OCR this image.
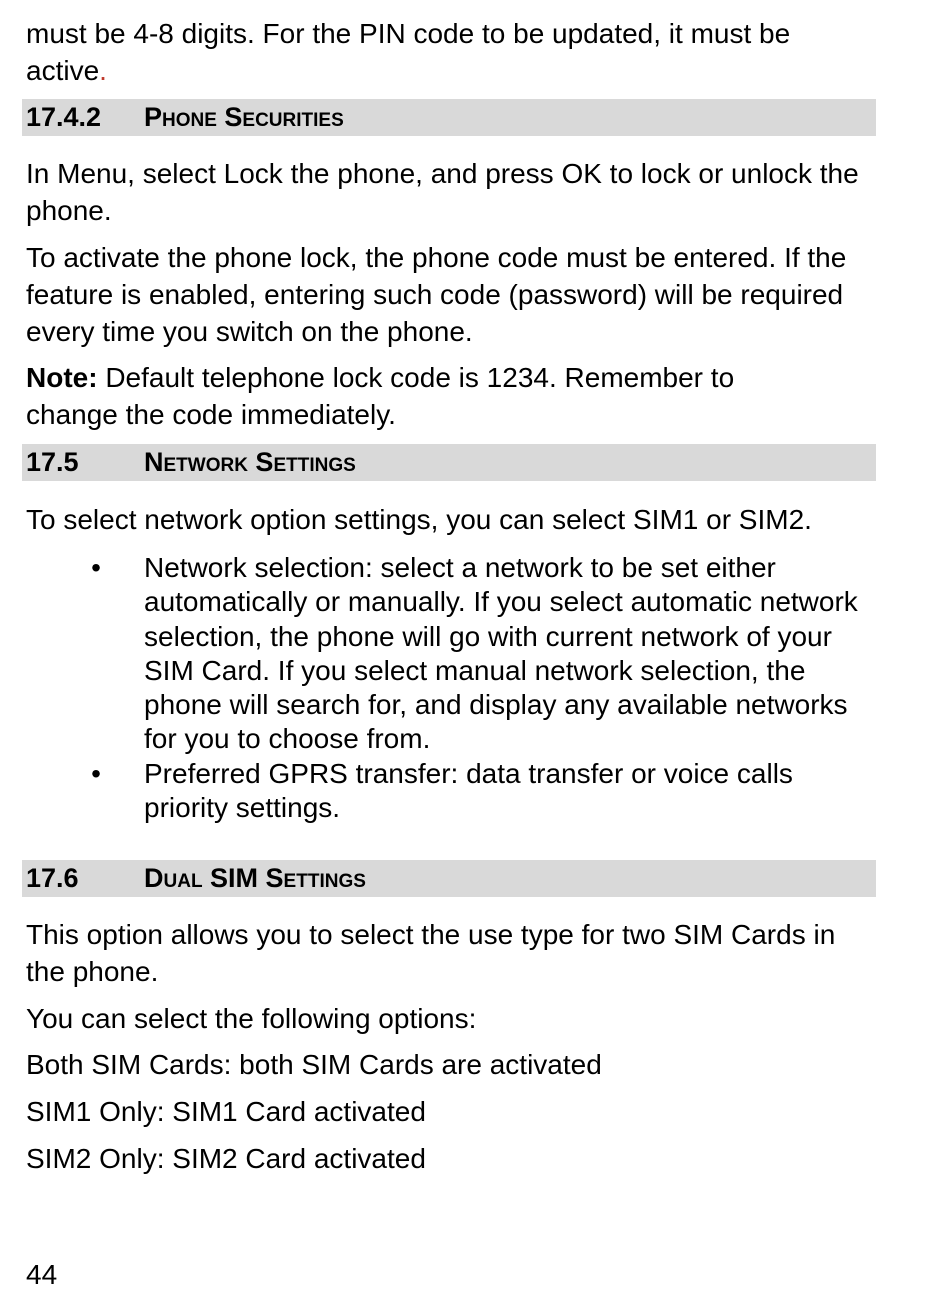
must be 4-8 digits. For the PIN code to be updated, it must be
active.

17.4.2 Phone Securities

In Menu, select Lock the phone, and press OK to lock or unlock the phone.

To activate the phone lock, the phone code must be entered. If the feature is enabled, entering such code (password) will be required every time you switch on the phone.

Note: Default telephone lock code is 1234. Remember to change the code immediately.

17.5 Network Settings

To select network option settings, you can select SIM1 or SIM2.

• Network selection: select a network to be set either automatically or manually. If you select automatic network selection, the phone will go with current network of your SIM Card. If you select manual network selection, the phone will search for, and display any available networks for you to choose from.
• Preferred GPRS transfer: data transfer or voice calls priority settings.
17.6 Dual SIM Settings

This option allows you to select the use type for two SIM Cards in the phone.

You can select the following options:

Both SIM Cards: both SIM Cards are activated

SIM1 Only: SIM1 Card activated

SIM2 Only: SIM2 Card activated

44
